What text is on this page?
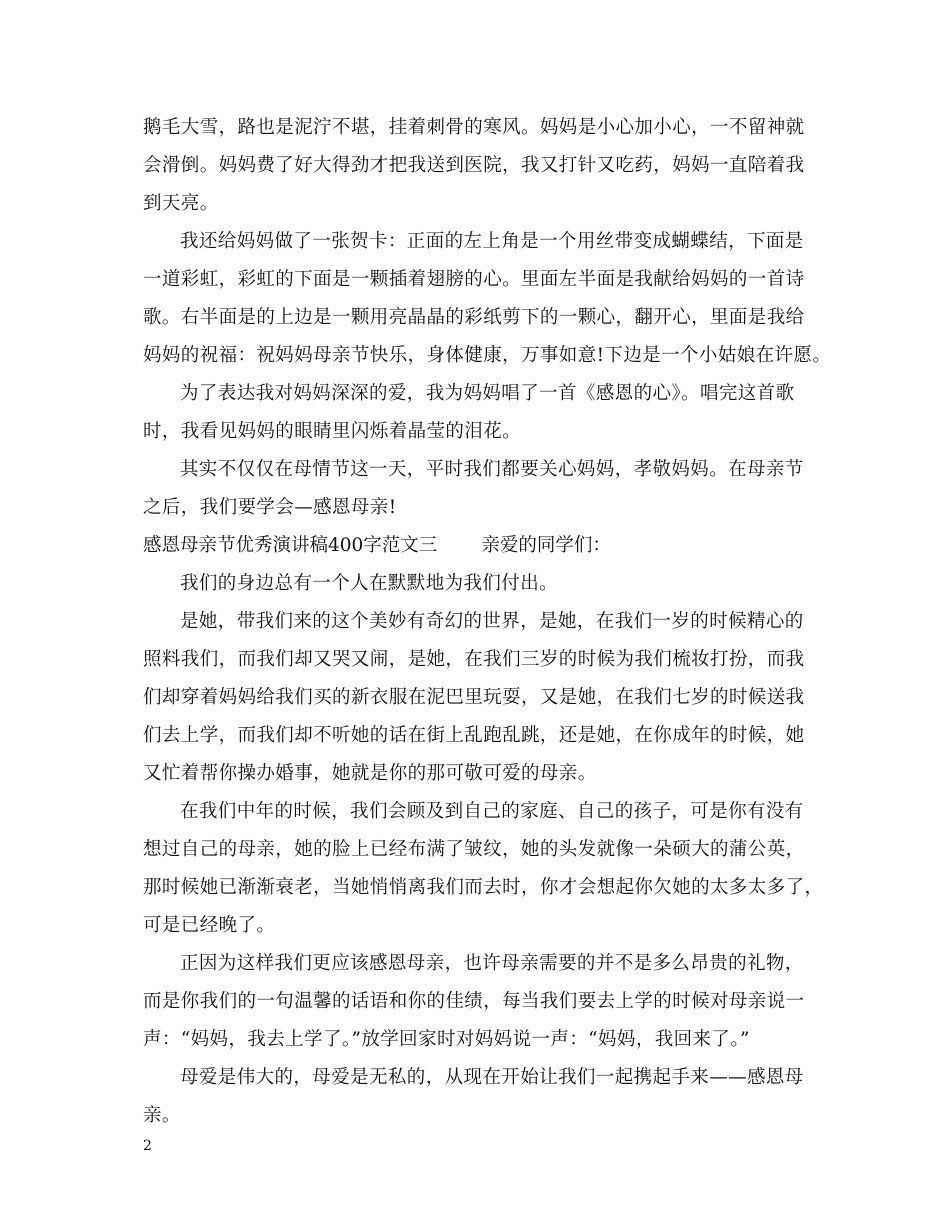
鹅毛大雪，路也是泥泞不堪，挂着刺骨的寒风。妈妈是小心加小心，一不留神就
会滑倒。妈妈费了好大得劲才把我送到医院，我又打针又吃药，妈妈一直陪着我
到天亮。
我还给妈妈做了一张贺卡：正面的左上角是一个用丝带变成蝴蝶结，下面是
一道彩虹，彩虹的下面是一颗插着翅膀的心。里面左半面是我献给妈妈的一首诗
歌。右半面是的上边是一颗用亮晶晶的彩纸剪下的一颗心，翻开心，里面是我给
妈妈的祝福：祝妈妈母亲节快乐，身体健康，万事如意!下边是一个小姑娘在许愿。
为了表达我对妈妈深深的爱，我为妈妈唱了一首《感恩的心》。唱完这首歌
时，我看见妈妈的眼睛里闪烁着晶莹的泪花。
其实不仅仅在母情节这一天，平时我们都要关心妈妈，孝敬妈妈。在母亲节
之后，我们要学会—感恩母亲!
感恩母亲节优秀演讲稿400字范文三 亲爱的同学们：
我们的身边总有一个人在默默地为我们付出。
是她，带我们来的这个美妙有奇幻的世界，是她，在我们一岁的时候精心的
照料我们，而我们却又哭又闹，是她，在我们三岁的时候为我们梳妆打扮，而我
们却穿着妈妈给我们买的新衣服在泥巴里玩耍，又是她，在我们七岁的时候送我
们去上学，而我们却不听她的话在街上乱跑乱跳，还是她，在你成年的时候，她
又忙着帮你操办婚事，她就是你的那可敬可爱的母亲。
在我们中年的时候，我们会顾及到自己的家庭、自己的孩子，可是你有没有
想过自己的母亲，她的脸上已经布满了皱纹，她的头发就像一朵硕大的蒲公英，
那时候她已渐渐衰老，当她悄悄离我们而去时，你才会想起你欠她的太多太多了，
可是已经晚了。
正因为这样我们更应该感恩母亲，也许母亲需要的并不是多么昂贵的礼物，
而是你我们的一句温馨的话语和你的佳绩，每当我们要去上学的时候对母亲说一
声：“妈妈，我去上学了。”放学回家时对妈妈说一声：“妈妈，我回来了。”
母爱是伟大的，母爱是无私的，从现在开始让我们一起携起手来——感恩母
亲。
2
